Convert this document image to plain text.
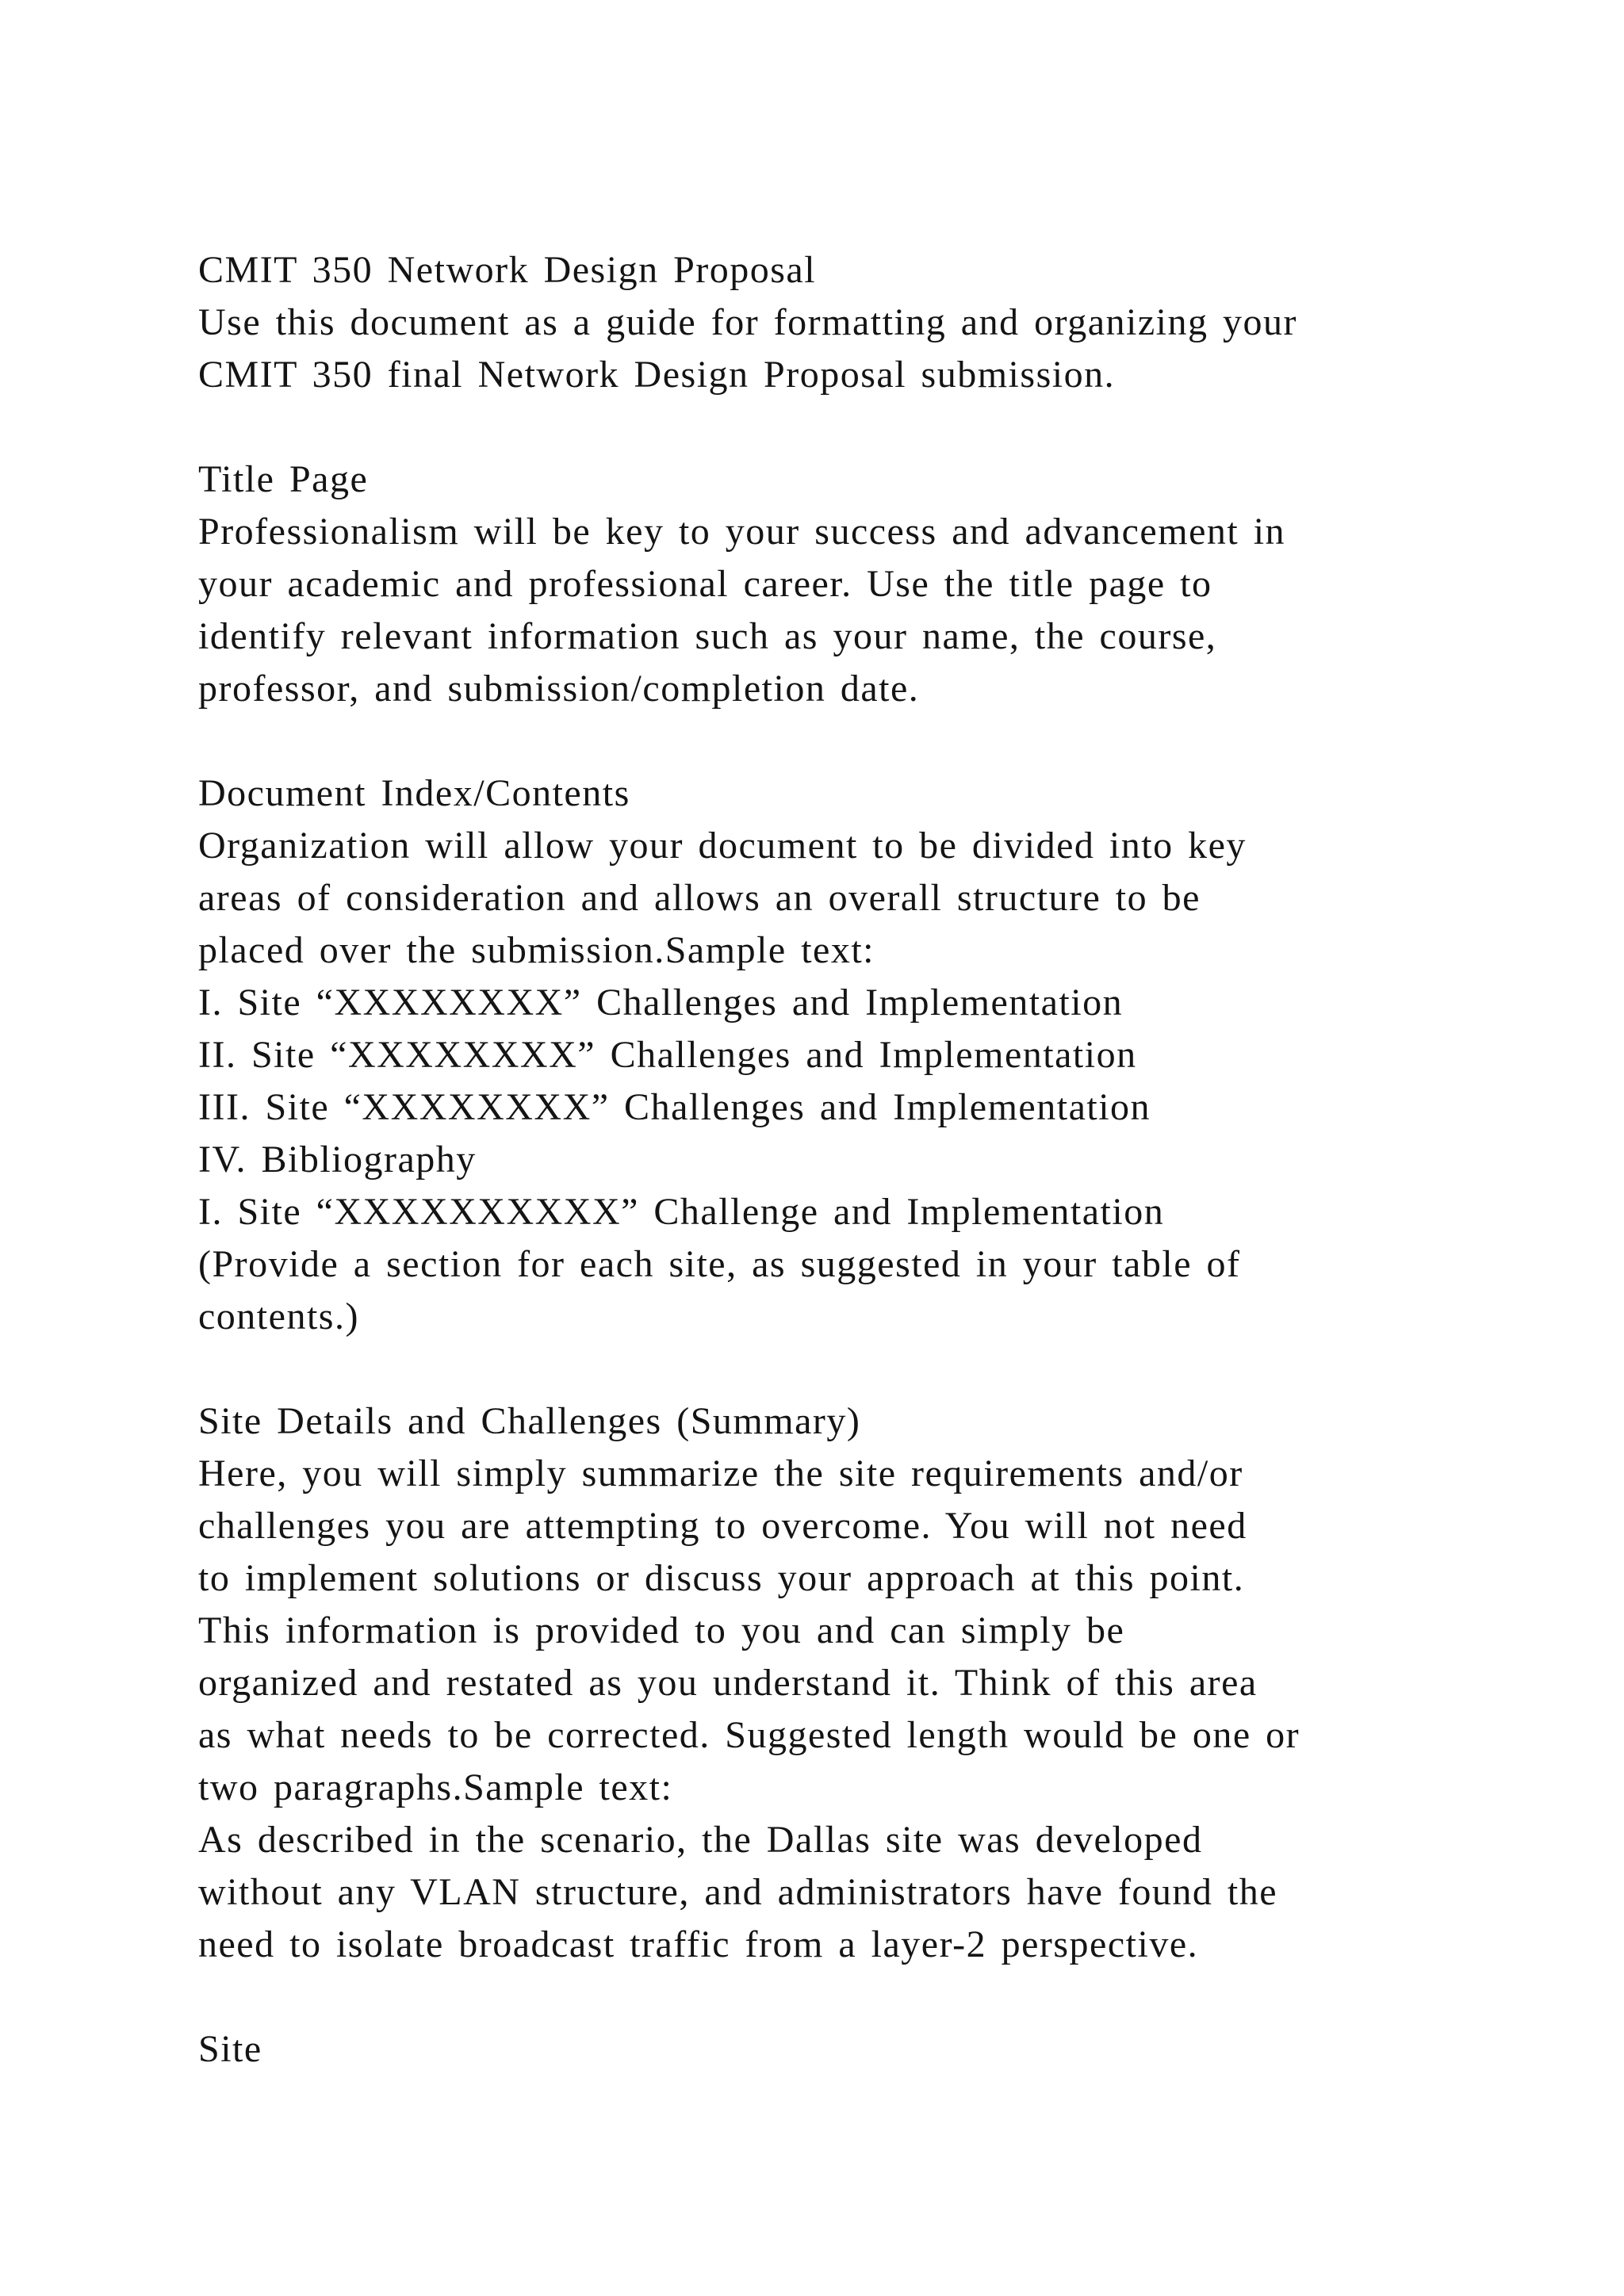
CMIT 350 Network Design Proposal
Use this document as a guide for formatting and organizing your
CMIT 350 final Network Design Proposal submission.
Title Page
Professionalism will be key to your success and advancement in
your academic and professional career. Use the title page to
identify relevant information such as your name, the course,
professor, and submission/completion date.
Document Index/Contents
Organization will allow your document to be divided into key
areas of consideration and allows an overall structure to be
placed over the submission.Sample text:
I. Site “XXXXXXXX” Challenges and Implementation
II. Site “XXXXXXXX” Challenges and Implementation
III. Site “XXXXXXXX” Challenges and Implementation
IV. Bibliography
I. Site “XXXXXXXXXX” Challenge and Implementation
(Provide a section for each site, as suggested in your table of
contents.)
Site Details and Challenges (Summary)
Here, you will simply summarize the site requirements and/or
challenges you are attempting to overcome. You will not need
to implement solutions or discuss your approach at this point.
This information is provided to you and can simply be
organized and restated as you understand it. Think of this area
as what needs to be corrected. Suggested length would be one or
two paragraphs.Sample text:
As described in the scenario, the Dallas site was developed
without any VLAN structure, and administrators have found the
need to isolate broadcast traffic from a layer-2 perspective.
Site
